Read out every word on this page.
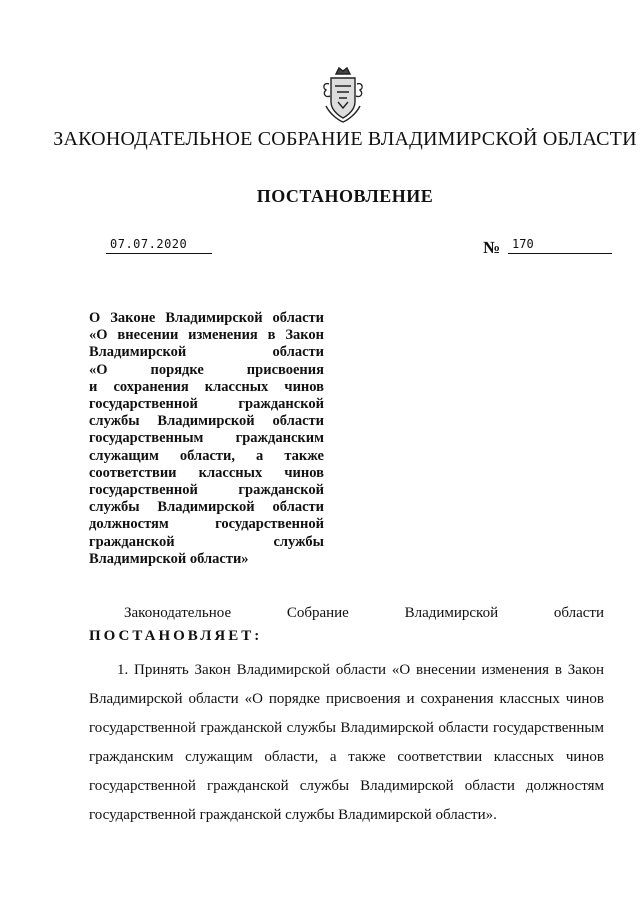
ЗАКОНОДАТЕЛЬНОЕ СОБРАНИЕ ВЛАДИМИРСКОЙ ОБЛАСТИ
ПОСТАНОВЛЕНИЕ
07.07.2020	№ 170
О Законе Владимирской области
«О внесении изменения в Закон
Владимирской области
«О порядке присвоения
и сохранения классных чинов
государственной гражданской
службы Владимирской области
государственным гражданским
служащим области, а также
соответствии классных чинов
государственной гражданской
службы Владимирской области
должностям государственной
гражданской службы
Владимирской области»
Законодательное Собрание Владимирской области
ПОСТАНОВЛЯЕТ:
1. Принять Закон Владимирской области «О внесении изменения в Закон
Владимирской области «О порядке присвоения и сохранения классных чинов
государственной гражданской службы Владимирской области государственным
гражданским служащим области, а также соответствии классных чинов
государственной гражданской службы Владимирской области должностям
государственной гражданской службы Владимирской области».
